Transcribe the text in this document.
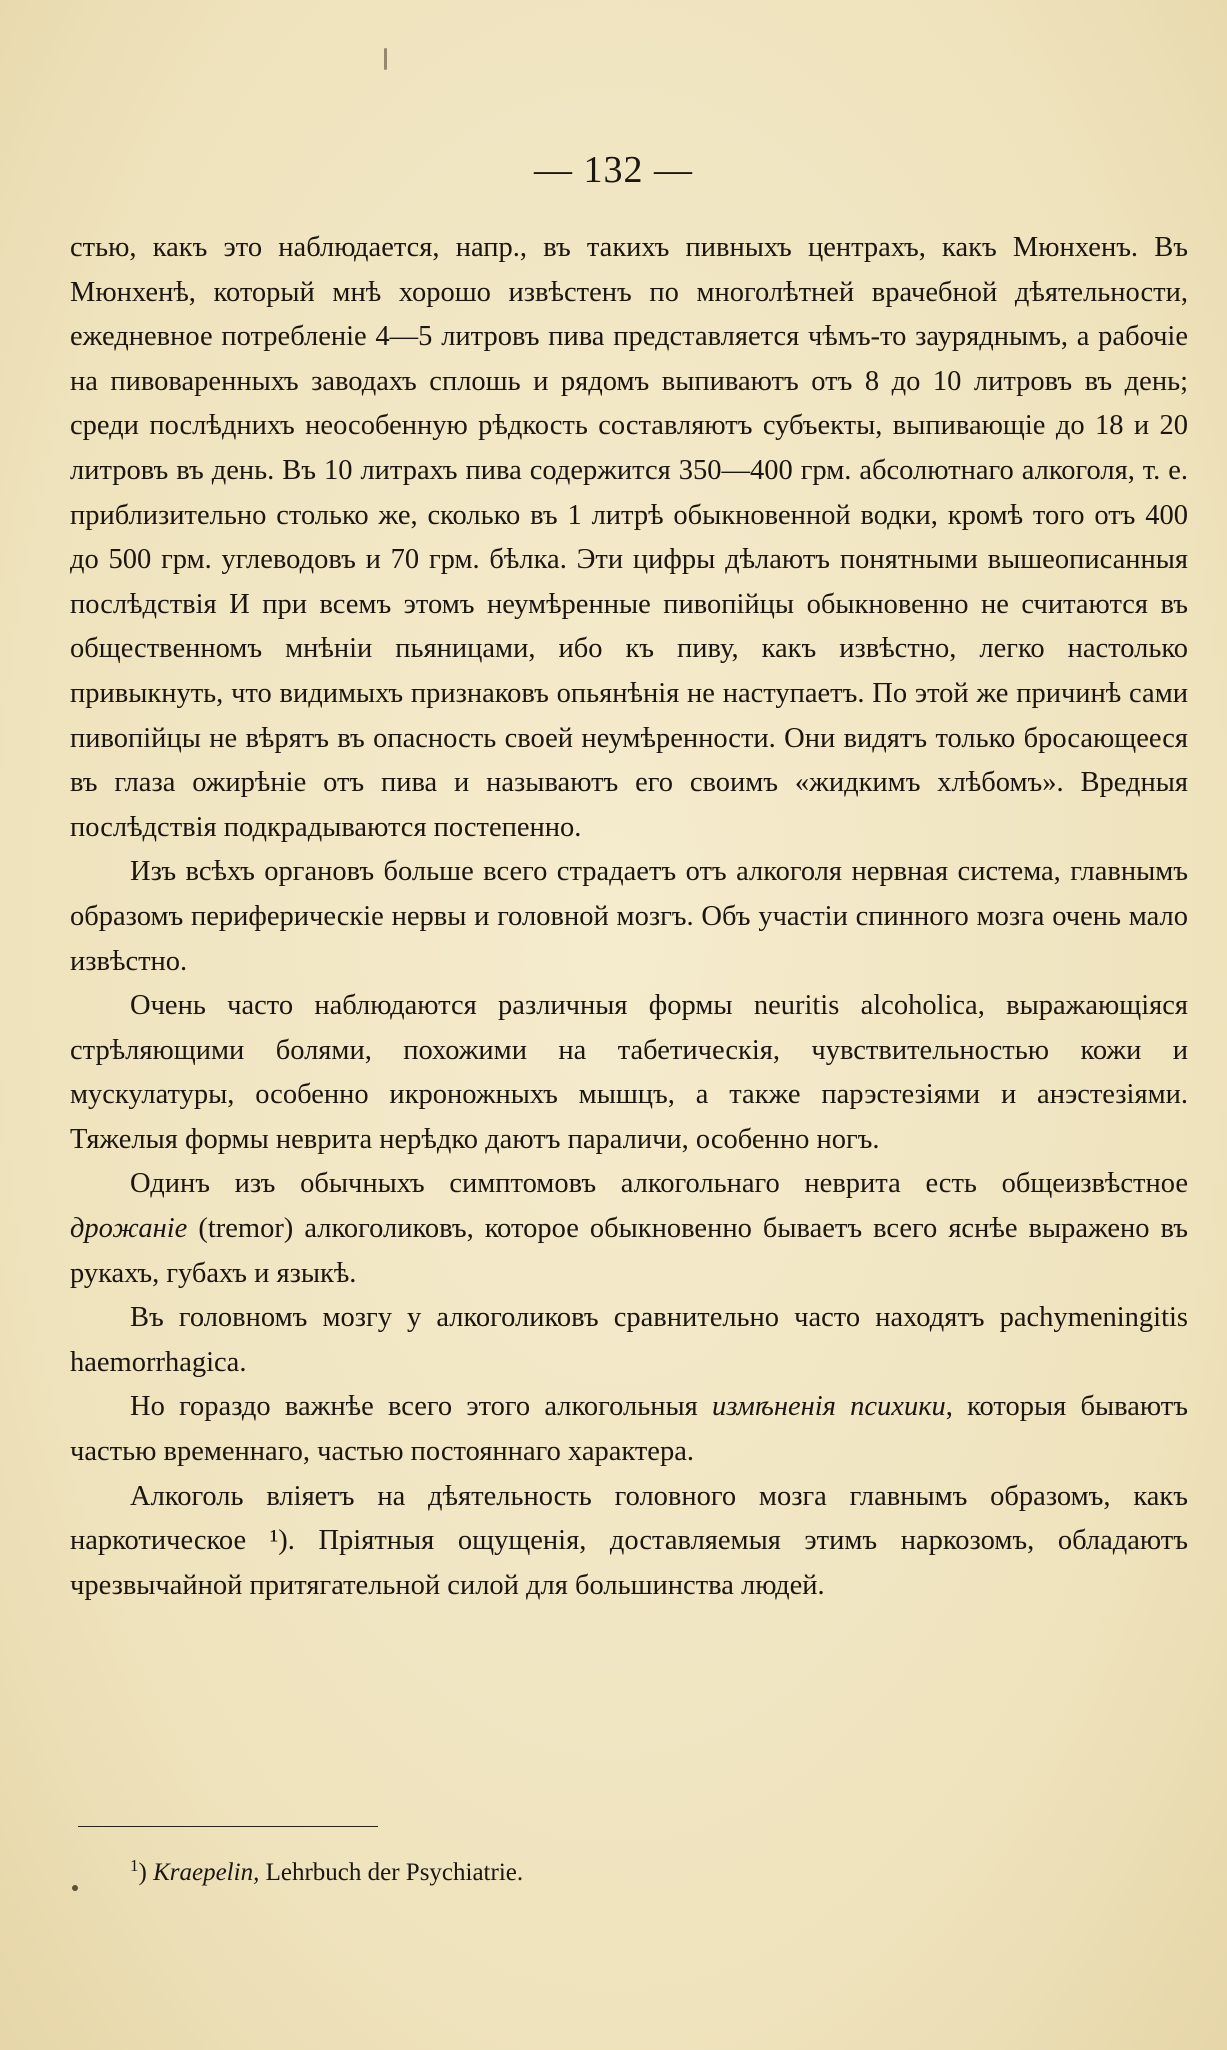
— 132 —

стью, какъ это наблюдается, напр., въ такихъ пивныхъ центрахъ, какъ Мюнхенъ. Въ Мюнхенѣ, который мнѣ хорошо извѣстенъ по многолѣтней врачебной дѣятельности, ежедневное потребленіе 4—5 литровъ пива представляется чѣмъ-то зауряднымъ, а рабочіе на пивоваренныхъ заводахъ сплошь и рядомъ выпиваютъ отъ 8 до 10 литровъ въ день; среди послѣднихъ неособенную рѣдкость составляютъ субъекты, выпивающіе до 18 и 20 литровъ въ день. Въ 10 литрахъ пива содержится 350—400 грм. абсолютнаго алкоголя, т. е. приблизительно столько же, сколько въ 1 литрѣ обыкновенной водки, кромѣ того отъ 400 до 500 грм. углеводовъ и 70 грм. бѣлка. Эти цифры дѣлаютъ понятными вышеописанныя послѣдствія И при всемъ этомъ неумѣренные пивопійцы обыкновенно не считаются въ общественномъ мнѣніи пьяницами, ибо къ пиву, какъ извѣстно, легко настолько привыкнуть, что видимыхъ признаковъ опьянѣнія не наступаетъ. По этой же причинѣ сами пивопійцы не вѣрятъ въ опасность своей неумѣренности. Они видятъ только бросающееся въ глаза ожирѣніе отъ пива и называютъ его своимъ «жидкимъ хлѣбомъ». Вредныя послѣдствія подкрадываются постепенно.

Изъ всѣхъ органовъ больше всего страдаетъ отъ алкоголя нервная система, главнымъ образомъ периферическіе нервы и головной мозгъ. Объ участіи спинного мозга очень мало извѣстно.

Очень часто наблюдаются различныя формы neuritis alcoholica, выражающіяся стрѣляющими болями, похожими на табетическія, чувствительностью кожи и мускулатуры, особенно икроножныхъ мышцъ, а также парэстезіями и анэстезіями. Тяжелыя формы неврита нерѣдко даютъ параличи, особенно ногъ.

Одинъ изъ обычныхъ симптомовъ алкогольнаго неврита есть общеизвѣстное дрожаніе (tremor) алкоголиковъ, которое обыкновенно бываетъ всего яснѣе выражено въ рукахъ, губахъ и языкѣ.

Въ головномъ мозгу у алкоголиковъ сравнительно часто находятъ pachymeningitis haemorrhagica.

Но гораздо важнѣе всего этого алкогольныя измѣненія психики, которыя бываютъ частью временнаго, частью постояннаго характера.

Алкоголь вліяетъ на дѣятельность головного мозга главнымъ образомъ, какъ наркотическое ¹). Пріятныя ощущенія, доставляемыя этимъ наркозомъ, обладаютъ чрезвычайной притягательной силой для большинства людей.

$^1$) Kraepelin, Lehrbuch der Psychiatrie.
